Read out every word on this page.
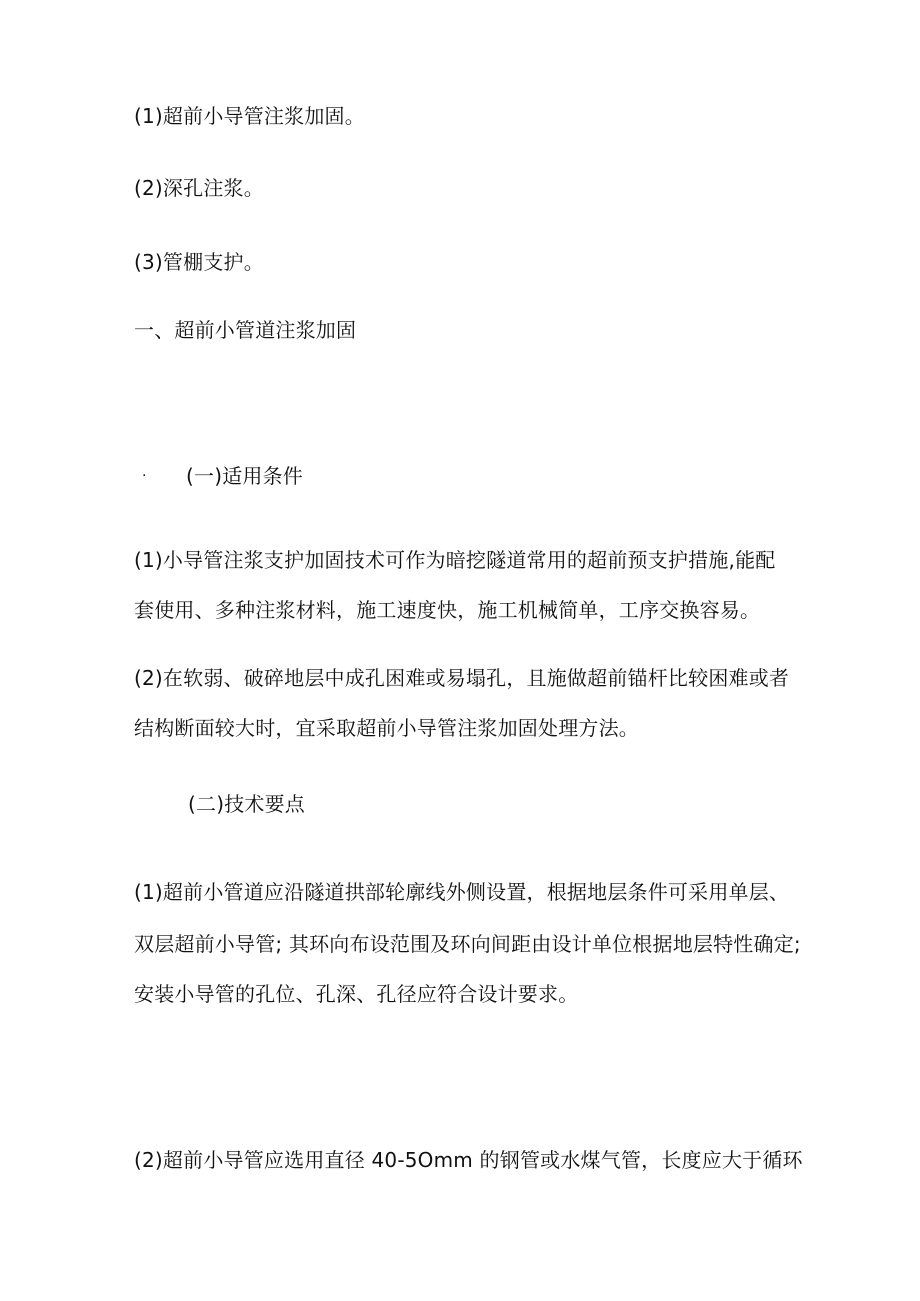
(1)超前小导管注浆加固。
(2)深孔注浆。
(3)管棚支护。
一、超前小管道注浆加固
· (一)适用条件
(1)小导管注浆支护加固技术可作为暗挖隧道常用的超前预支护措施,能配
套使用、多种注浆材料，施工速度快，施工机械简单，工序交换容易。
(2)在软弱、破碎地层中成孔困难或易塌孔，且施做超前锚杆比较困难或者
结构断面较大时，宜采取超前小导管注浆加固处理方法。
(二)技术要点
(1)超前小管道应沿隧道拱部轮廓线外侧设置，根据地层条件可采用单层、
双层超前小导管; 其环向布设范围及环向间距由设计单位根据地层特性确定;
安装小导管的孔位、孔深、孔径应符合设计要求。
(2)超前小导管应选用直径 40-5Omm 的钢管或水煤气管，长度应大于循环
